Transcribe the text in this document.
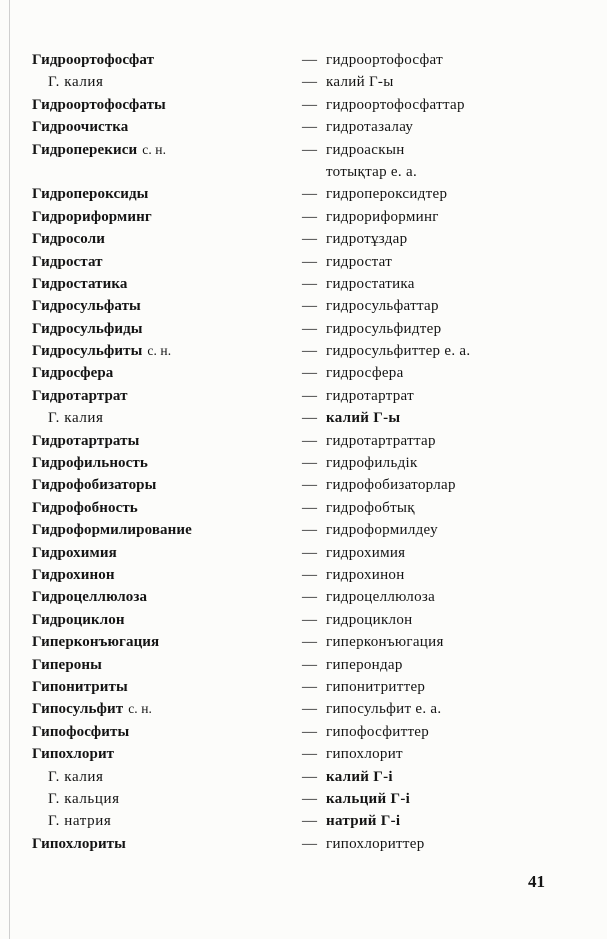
Гидроортофосфат	— гидроортофосфат
Г. калия	— калий Г-ы
Гидроортофосфаты	— гидроортофосфаттар
Гидроочистка	— гидротазалау
Гидроперекиси с. н.	— гидроаскын
тотықтар е. а.
Гидропероксиды	— гидропероксидтер
Гидрориформинг	— гидрориформинг
Гидросоли	— гидротұздар
Гидростат	— гидростат
Гидростатика	— гидростатика
Гидросульфаты	— гидросульфаттар
Гидросульфиды	— гидросульфидтер
Гидросульфиты с. н.	— гидросульфиттер е. а.
Гидросфера	— гидросфера
Гидротартрат	— гидротартрат
Г. калия	— калий Г-ы
Гидротартраты	— гидротартраттар
Гидрофильность	— гидрофильдік
Гидрофобизаторы	— гидрофобизаторлар
Гидрофобность	— гидрофобтық
Гидроформилирование	— гидроформилдеу
Гидрохимия	— гидрохимия
Гидрохинон	— гидрохинон
Гидроцеллюлоза	— гидроцеллюлоза
Гидроциклон	— гидроциклон
Гиперконъюгация	— гиперконъюгация
Гипероны	— гиперондар
Гипонитриты	— гипонитриттер
Гипосульфит с. н.	— гипосульфит е. а.
Гипофосфиты	— гипофосфиттер
Гипохлорит	— гипохлорит
Г. калия	— калий Г-і
Г. кальция	— кальций Г-і
Г. натрия	— натрий Г-і
Гипохлориты	— гипохлориттер
41
